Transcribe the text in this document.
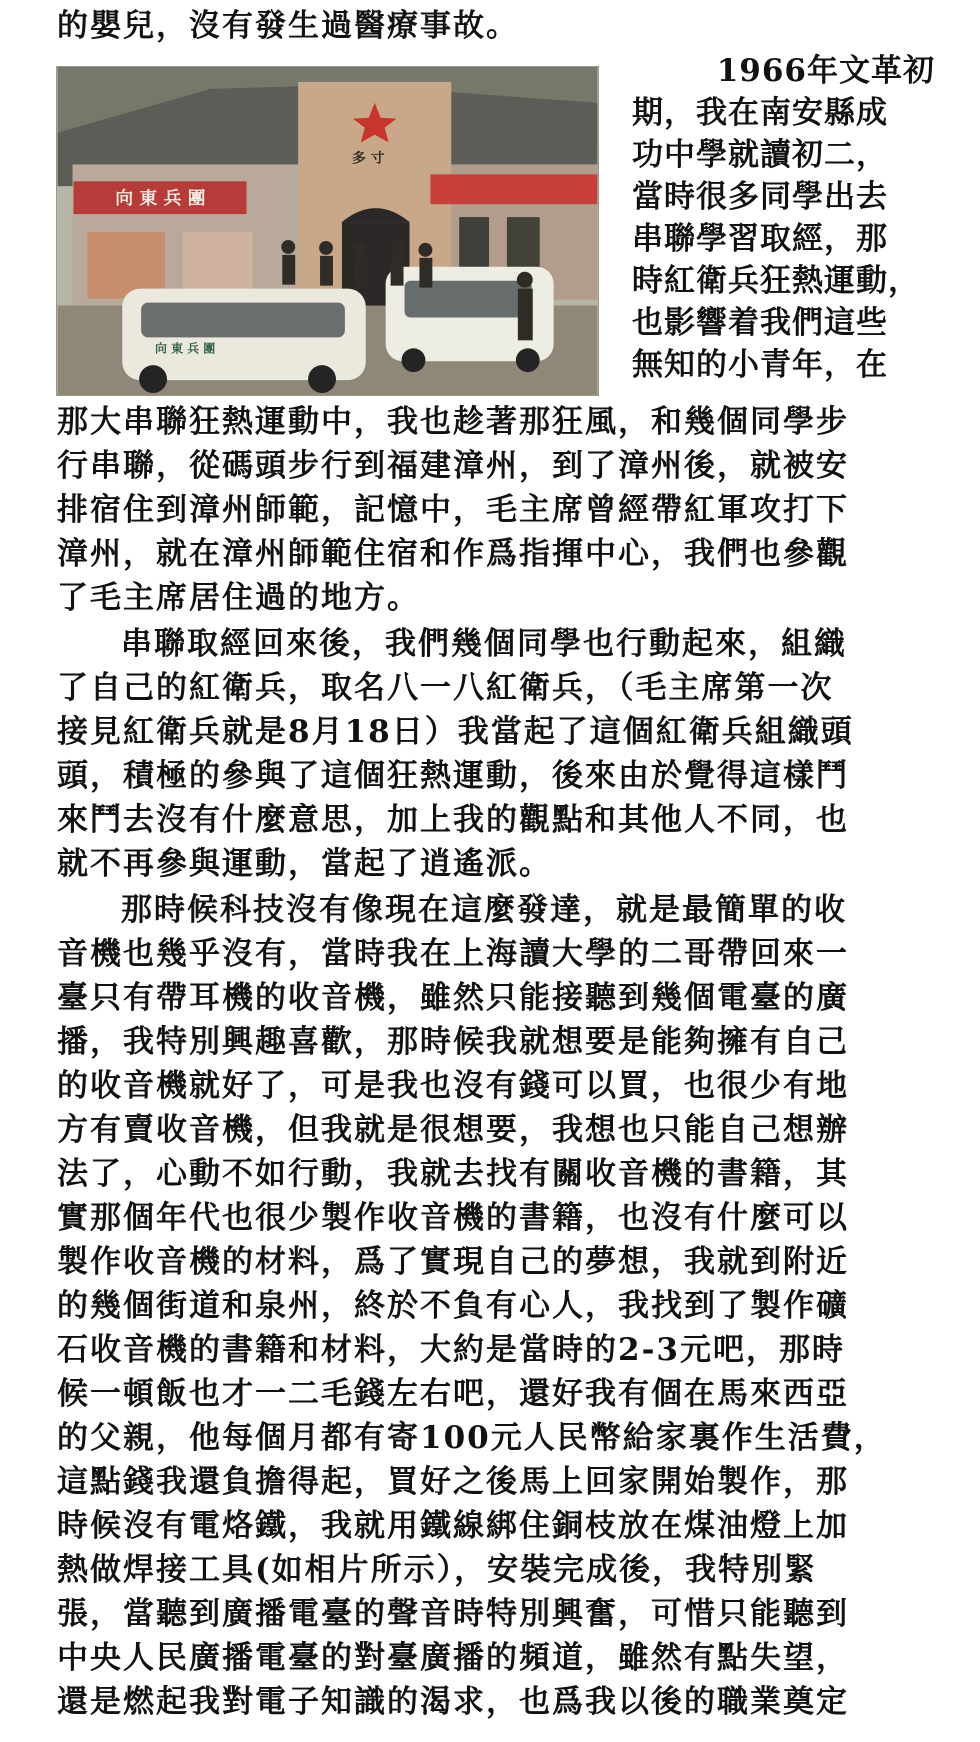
的嬰兒，沒有發生過醫療事故。
向 東 兵 團
多 寸
向 東 兵 團
1966年文革初
期，我在南安縣成
功中學就讀初二，
當時很多同學出去
串聯學習取經，那
時紅衛兵狂熱運動，
也影響着我們這些
無知的小青年，在
那大串聯狂熱運動中，我也趁著那狂風，和幾個同學步
行串聯，從碼頭步行到福建漳州，到了漳州後，就被安
排宿住到漳州師範，記憶中，毛主席曾經帶紅軍攻打下
漳州，就在漳州師範住宿和作爲指揮中心，我們也參觀
了毛主席居住過的地方。
串聯取經回來後，我們幾個同學也行動起來，組織
了自己的紅衛兵，取名八一八紅衛兵，（毛主席第一次
接見紅衛兵就是8月18日）我當起了這個紅衛兵組織頭
頭，積極的參與了這個狂熱運動，後來由於覺得這樣鬥
來鬥去沒有什麼意思，加上我的觀點和其他人不同，也
就不再參與運動，當起了逍遙派。
那時候科技沒有像現在這麼發達，就是最簡單的收
音機也幾乎沒有，當時我在上海讀大學的二哥帶回來一
臺只有帶耳機的收音機，雖然只能接聽到幾個電臺的廣
播，我特別興趣喜歡，那時候我就想要是能夠擁有自己
的收音機就好了，可是我也沒有錢可以買，也很少有地
方有賣收音機，但我就是很想要，我想也只能自己想辦
法了，心動不如行動，我就去找有關收音機的書籍，其
實那個年代也很少製作收音機的書籍，也沒有什麼可以
製作收音機的材料，爲了實現自己的夢想，我就到附近
的幾個街道和泉州，終於不負有心人，我找到了製作礦
石收音機的書籍和材料，大約是當時的2-3元吧，那時
候一頓飯也才一二毛錢左右吧，還好我有個在馬來西亞
的父親，他每個月都有寄100元人民幣給家裏作生活費，
這點錢我還負擔得起，買好之後馬上回家開始製作，那
時候沒有電烙鐵，我就用鐵線綁住銅枝放在煤油燈上加
熱做焊接工具(如相片所示），安裝完成後，我特別緊
張，當聽到廣播電臺的聲音時特別興奮，可惜只能聽到
中央人民廣播電臺的對臺廣播的頻道，雖然有點失望，
還是燃起我對電子知識的渴求，也爲我以後的職業奠定
